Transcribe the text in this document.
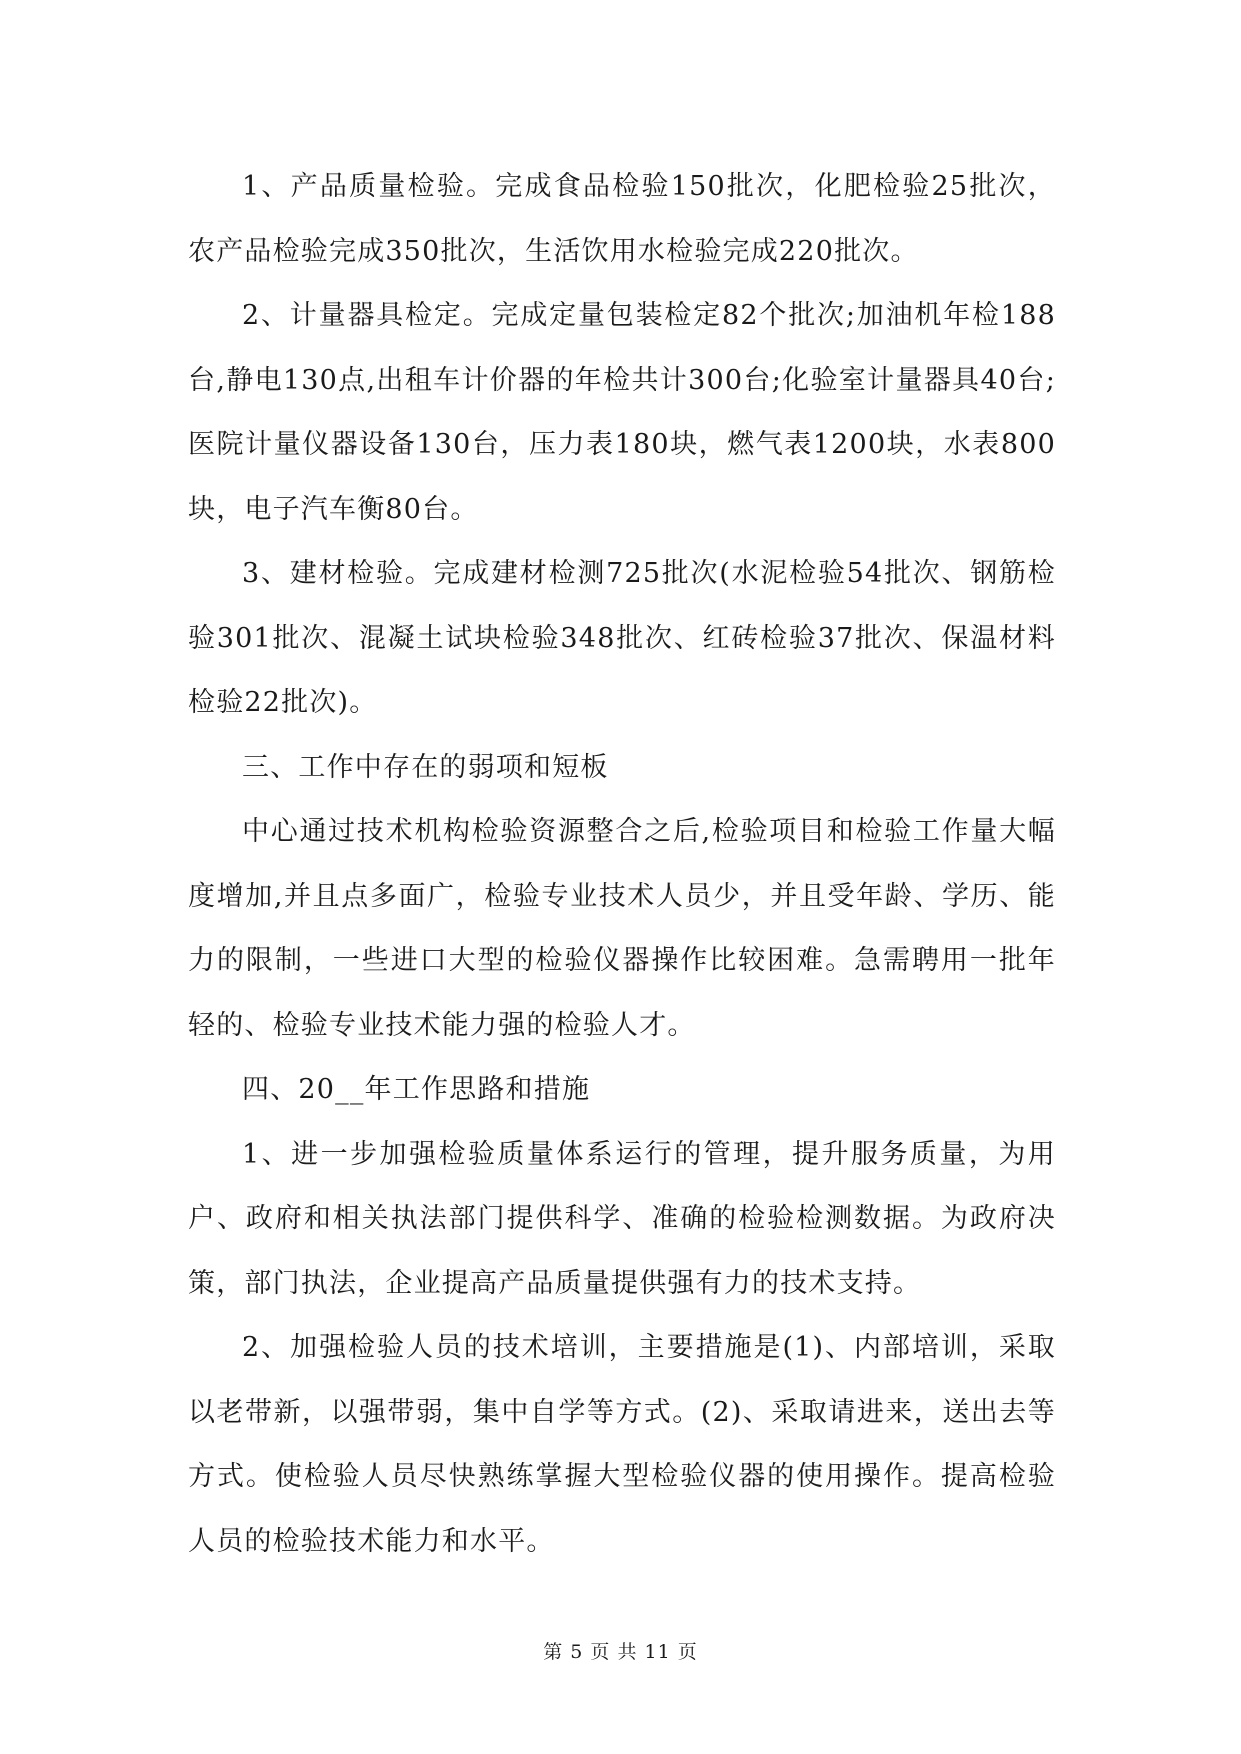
1、产品质量检验。完成食品检验150批次，化肥检验25批次，农产品检验完成350批次，生活饮用水检验完成220批次。

2、计量器具检定。完成定量包装检定82个批次;加油机年检188台,静电130点,出租车计价器的年检共计300台;化验室计量器具40台;医院计量仪器设备130台，压力表180块，燃气表1200块，水表800块，电子汽车衡80台。

3、建材检验。完成建材检测725批次(水泥检验54批次、钢筋检验301批次、混凝土试块检验348批次、红砖检验37批次、保温材料检验22批次)。

三、工作中存在的弱项和短板

中心通过技术机构检验资源整合之后,检验项目和检验工作量大幅度增加,并且点多面广，检验专业技术人员少，并且受年龄、学历、能力的限制，一些进口大型的检验仪器操作比较困难。急需聘用一批年轻的、检验专业技术能力强的检验人才。

四、20__年工作思路和措施

1、进一步加强检验质量体系运行的管理，提升服务质量，为用户、政府和相关执法部门提供科学、准确的检验检测数据。为政府决策，部门执法，企业提高产品质量提供强有力的技术支持。

2、加强检验人员的技术培训，主要措施是(1)、内部培训，采取以老带新，以强带弱，集中自学等方式。(2)、采取请进来，送出去等方式。使检验人员尽快熟练掌握大型检验仪器的使用操作。提高检验人员的检验技术能力和水平。

第 5 页 共 11 页
